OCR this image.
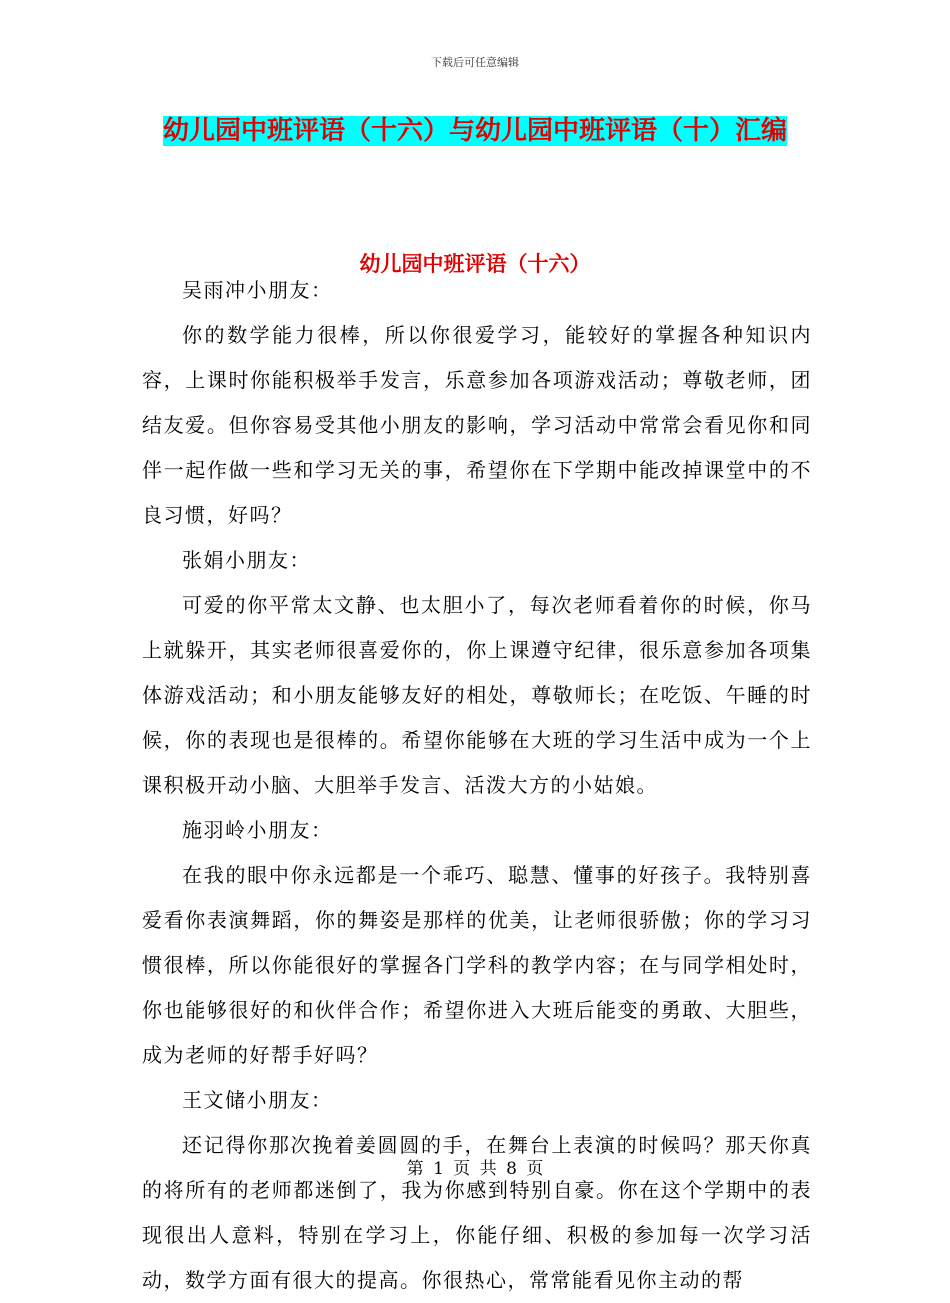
下载后可任意编辑
幼儿园中班评语（十六）与幼儿园中班评语（十）汇编
幼儿园中班评语（十六）

吴雨冲小朋友：

你的数学能力很棒，所以你很爱学习，能较好的掌握各种知识内容，上课时你能积极举手发言，乐意参加各项游戏活动；尊敬老师，团结友爱。但你容易受其他小朋友的影响，学习活动中常常会看见你和同伴一起作做一些和学习无关的事，希望你在下学期中能改掉课堂中的不良习惯，好吗？

张娟小朋友：

可爱的你平常太文静、也太胆小了，每次老师看着你的时候，你马上就躲开，其实老师很喜爱你的，你上课遵守纪律，很乐意参加各项集体游戏活动；和小朋友能够友好的相处，尊敬师长；在吃饭、午睡的时候，你的表现也是很棒的。希望你能够在大班的学习生活中成为一个上课积极开动小脑、大胆举手发言、活泼大方的小姑娘。

施羽岭小朋友：

在我的眼中你永远都是一个乖巧、聪慧、懂事的好孩子。我特别喜爱看你表演舞蹈，你的舞姿是那样的优美，让老师很骄傲；你的学习习惯很棒，所以你能很好的掌握各门学科的教学内容；在与同学相处时，你也能够很好的和伙伴合作；希望你进入大班后能变的勇敢、大胆些，成为老师的好帮手好吗？

王文储小朋友：

还记得你那次挽着姜圆圆的手，在舞台上表演的时候吗？那天你真的将所有的老师都迷倒了，我为你感到特别自豪。你在这个学期中的表现很出人意料，特别在学习上，你能仔细、积极的参加每一次学习活动，数学方面有很大的提高。你很热心，常常能看见你主动的帮

第 1 页 共 8 页
